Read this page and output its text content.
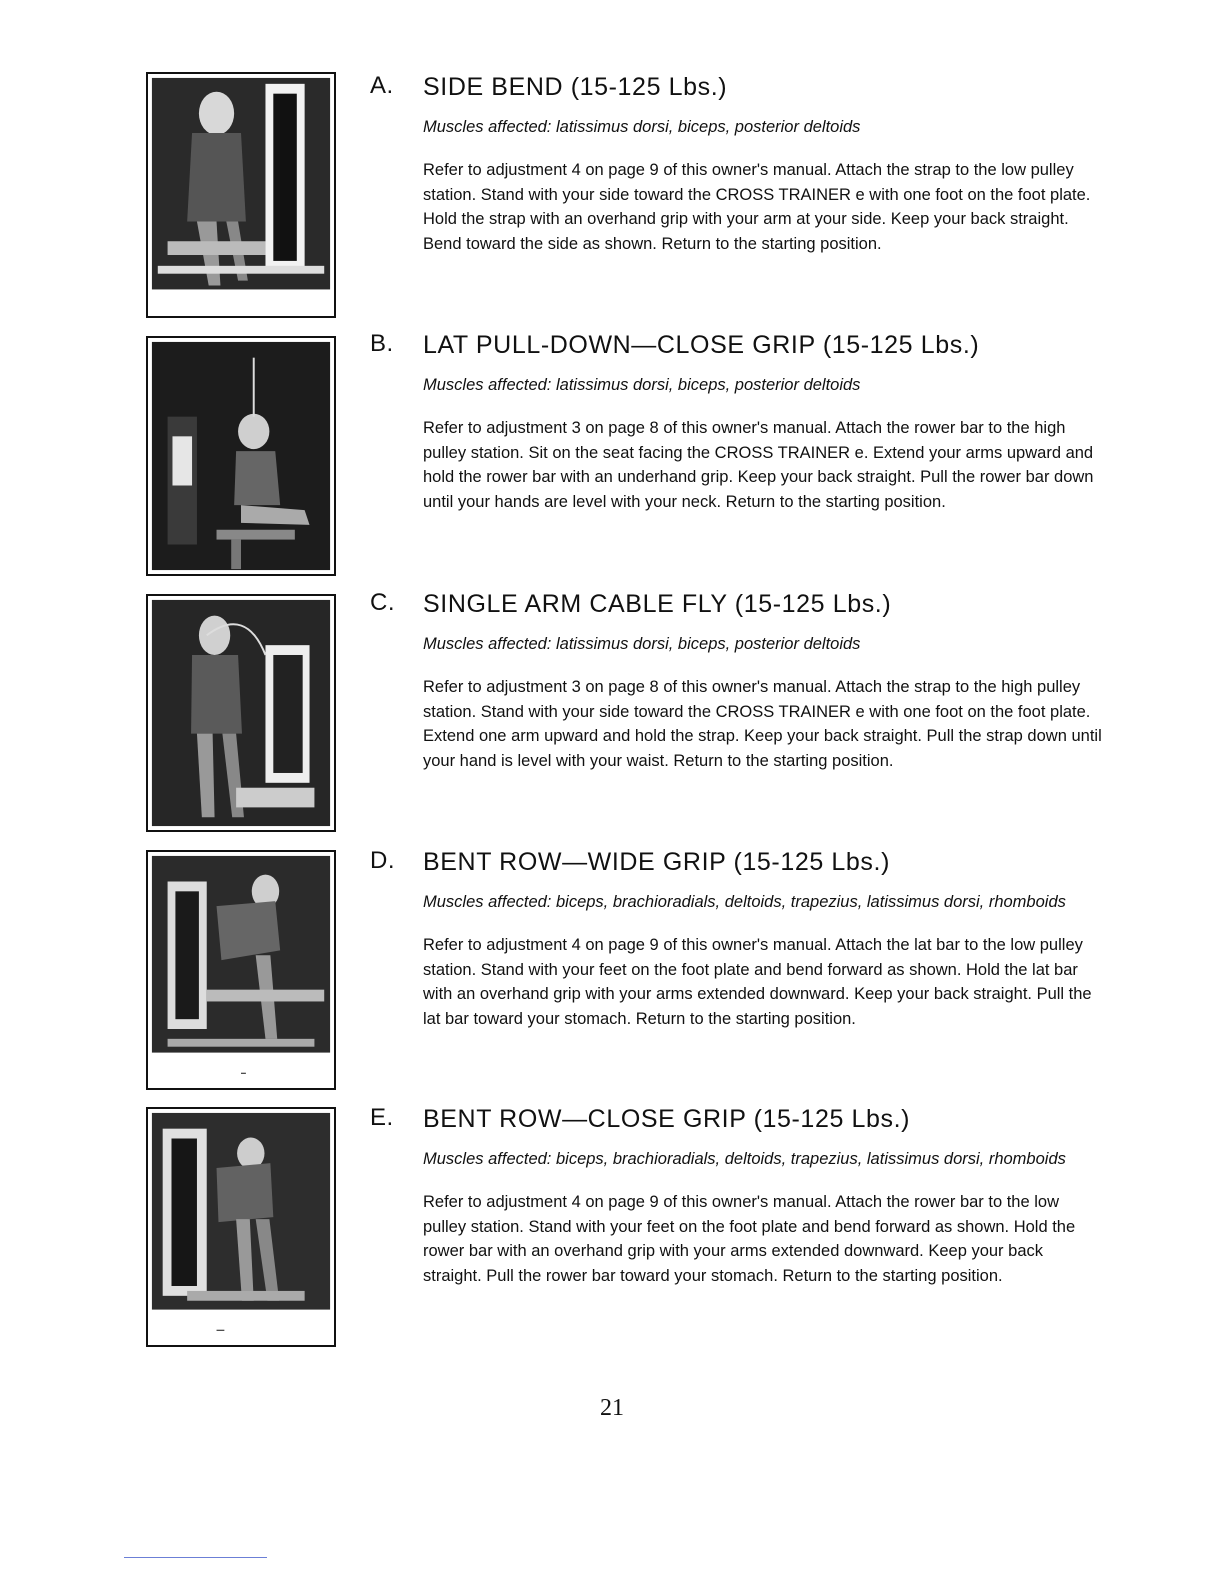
A. SIDE BEND (15-125 Lbs.)
Muscles affected: latissimus dorsi, biceps, posterior deltoids
Refer to adjustment 4 on page 9 of this owner's manual. Attach the strap to the low pulley station. Stand with your side toward the CROSS TRAINER e with one foot on the foot plate. Hold the strap with an overhand grip with your arm at your side. Keep your back straight. Bend toward the side as shown. Return to the starting position.
B. LAT PULL-DOWN—CLOSE GRIP (15-125 Lbs.)
Muscles affected: latissimus dorsi, biceps, posterior deltoids
Refer to adjustment 3 on page 8 of this owner's manual. Attach the rower bar to the high pulley station. Sit on the seat facing the CROSS TRAINER e. Extend your arms upward and hold the rower bar with an underhand grip. Keep your back straight. Pull the rower bar down until your hands are level with your neck. Return to the starting position.
C. SINGLE ARM CABLE FLY (15-125 Lbs.)
Muscles affected: latissimus dorsi, biceps, posterior deltoids
Refer to adjustment 3 on page 8 of this owner's manual. Attach the strap to the high pulley station. Stand with your side toward the CROSS TRAINER e with one foot on the foot plate. Extend one arm upward and hold the strap. Keep your back straight. Pull the strap down until your hand is level with your waist. Return to the starting position.
D. BENT ROW—WIDE GRIP (15-125 Lbs.)
Muscles affected: biceps, brachioradials, deltoids, trapezius, latissimus dorsi, rhomboids
Refer to adjustment 4 on page 9 of this owner's manual. Attach the lat bar to the low pulley station. Stand with your feet on the foot plate and bend forward as shown. Hold the lat bar with an overhand grip with your arms extended downward. Keep your back straight. Pull the lat bar toward your stomach. Return to the starting position.
E. BENT ROW—CLOSE GRIP (15-125 Lbs.)
Muscles affected: biceps, brachioradials, deltoids, trapezius, latissimus dorsi, rhomboids
Refer to adjustment 4 on page 9 of this owner's manual. Attach the rower bar to the low pulley station. Stand with your feet on the foot plate and bend forward as shown. Hold the rower bar with an overhand grip with your arms extended downward. Keep your back straight. Pull the rower bar toward your stomach. Return to the starting position.
21
